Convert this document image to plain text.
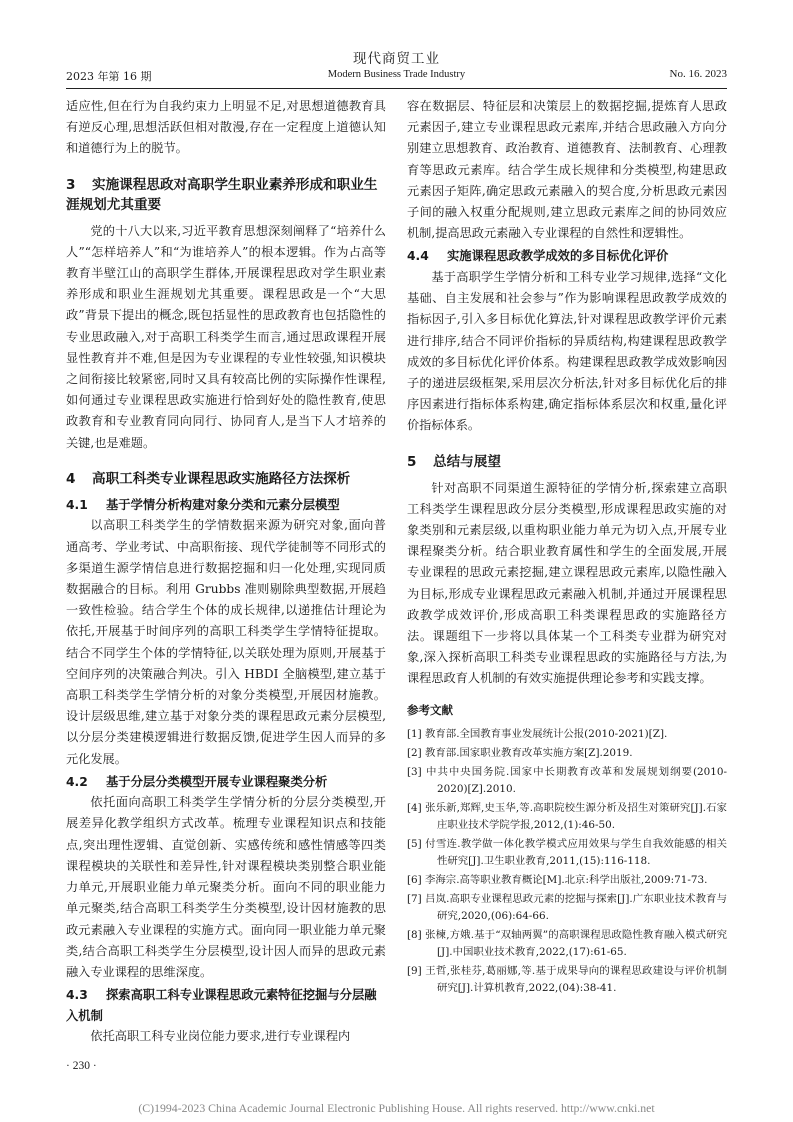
现代商贸工业
2023 年第 16 期	Modern Business Trade Industry	No. 16. 2023

适应性,但在行为自我约束力上明显不足,对思想道德教育具有逆反心理,思想活跃但相对散漫,存在一定程度上道德认知和道德行为上的脱节。

3 实施课程思政对高职学生职业素养形成和职业生涯规划尤其重要

党的十八大以来,习近平教育思想深刻阐释了“培养什么人”“怎样培养人”和“为谁培养人”的根本逻辑。作为占高等教育半壁江山的高职学生群体,开展课程思政对学生职业素养形成和职业生涯规划尤其重要。课程思政是一个“大思政”背景下提出的概念,既包括显性的思政教育也包括隐性的专业思政融入,对于高职工科类学生而言,通过思政课程开展显性教育并不难,但是因为专业课程的专业性较强,知识模块之间衔接比较紧密,同时又具有较高比例的实际操作性课程,如何通过专业课程思政实施进行恰到好处的隐性教育,使思政教育和专业教育同向同行、协同育人,是当下人才培养的关键,也是难题。

4 高职工科类专业课程思政实施路径方法探析
4.1 基于学情分析构建对象分类和元素分层模型

以高职工科类学生的学情数据来源为研究对象,面向普通高考、学业考试、中高职衔接、现代学徒制等不同形式的多渠道生源学情信息进行数据挖掘和归一化处理,实现同质数据融合的目标。利用 Grubbs 准则剔除典型数据,开展趋一致性检验。结合学生个体的成长规律,以递推估计理论为依托,开展基于时间序列的高职工科类学生学情特征提取。结合不同学生个体的学情特征,以关联处理为原则,开展基于空间序列的决策融合判决。引入 HBDI 全脑模型,建立基于高职工科类学生学情分析的对象分类模型,开展因材施教。设计层级思维,建立基于对象分类的课程思政元素分层模型,以分层分类建模逻辑进行数据反馈,促进学生因人而异的多元化发展。

4.2 基于分层分类模型开展专业课程聚类分析

依托面向高职工科类学生学情分析的分层分类模型,开展差异化教学组织方式改革。梳理专业课程知识点和技能点,突出理性逻辑、直觉创新、实感传统和感性情感等四类课程模块的关联性和差异性,针对课程模块类别整合职业能力单元,开展职业能力单元聚类分析。面向不同的职业能力单元聚类,结合高职工科类学生分类模型,设计因材施教的思政元素融入专业课程的实施方式。面向同一职业能力单元聚类,结合高职工科类学生分层模型,设计因人而异的思政元素融入专业课程的思维深度。

4.3 探索高职工科专业课程思政元素特征挖掘与分层融入机制

依托高职工科专业岗位能力要求,进行专业课程内

容在数据层、特征层和决策层上的数据挖掘,提炼育人思政元素因子,建立专业课程思政元素库,并结合思政融入方向分别建立思想教育、政治教育、道德教育、法制教育、心理教育等思政元素库。结合学生成长规律和分类模型,构建思政元素因子矩阵,确定思政元素融入的契合度,分析思政元素因子间的融入权重分配规则,建立思政元素库之间的协同效应机制,提高思政元素融入专业课程的自然性和逻辑性。

4.4 实施课程思政教学成效的多目标优化评价

基于高职学生学情分析和工科专业学习规律,选择“文化基础、自主发展和社会参与”作为影响课程思政教学成效的指标因子,引入多目标优化算法,针对课程思政教学评价元素进行排序,结合不同评价指标的异质结构,构建课程思政教学成效的多目标优化评价体系。构建课程思政教学成效影响因子的递进层级框架,采用层次分析法,针对多目标优化后的排序因素进行指标体系构建,确定指标体系层次和权重,量化评价指标体系。

5 总结与展望

针对高职不同渠道生源特征的学情分析,探索建立高职工科类学生课程思政分层分类模型,形成课程思政实施的对象类别和元素层级,以重构职业能力单元为切入点,开展专业课程聚类分析。结合职业教育属性和学生的全面发展,开展专业课程的思政元素挖掘,建立课程思政元素库,以隐性融入为目标,形成专业课程思政元素融入机制,并通过开展课程思政教学成效评价,形成高职工科类课程思政的实施路径方法。课题组下一步将以具体某一个工科类专业群为研究对象,深入探析高职工科类专业课程思政的实施路径与方法,为课程思政育人机制的有效实施提供理论参考和实践支撑。

参考文献
[1] 教育部.全国教育事业发展统计公报(2010-2021)[Z].
[2] 教育部.国家职业教育改革实施方案[Z].2019.
[3] 中共中央国务院.国家中长期教育改革和发展规划纲要(2010-2020)[Z].2010.
[4] 张乐新,郑辉,史玉华,等.高职院校生源分析及招生对策研究[J].石家庄职业技术学院学报,2012,(1):46-50.
[5] 付雪连.教学做一体化教学模式应用效果与学生自我效能感的相关性研究[J].卫生职业教育,2011,(15):116-118.
[6] 李海宗.高等职业教育概论[M].北京:科学出版社,2009:71-73.
[7] 吕岚.高职专业课程思政元素的挖掘与探索[J].广东职业技术教育与研究,2020,(06):64-66.
[8] 张楝,方娥.基于“双轴两翼”的高职课程思政隐性教育融入模式研究[J].中国职业技术教育,2022,(17):61-65.
[9] 王哲,张桂芬,葛丽娜,等.基于成果导向的课程思政建设与评价机制研究[J].计算机教育,2022,(04):38-41.
· 230 ·
(C)1994-2023 China Academic Journal Electronic Publishing House. All rights reserved. http://www.cnki.net
